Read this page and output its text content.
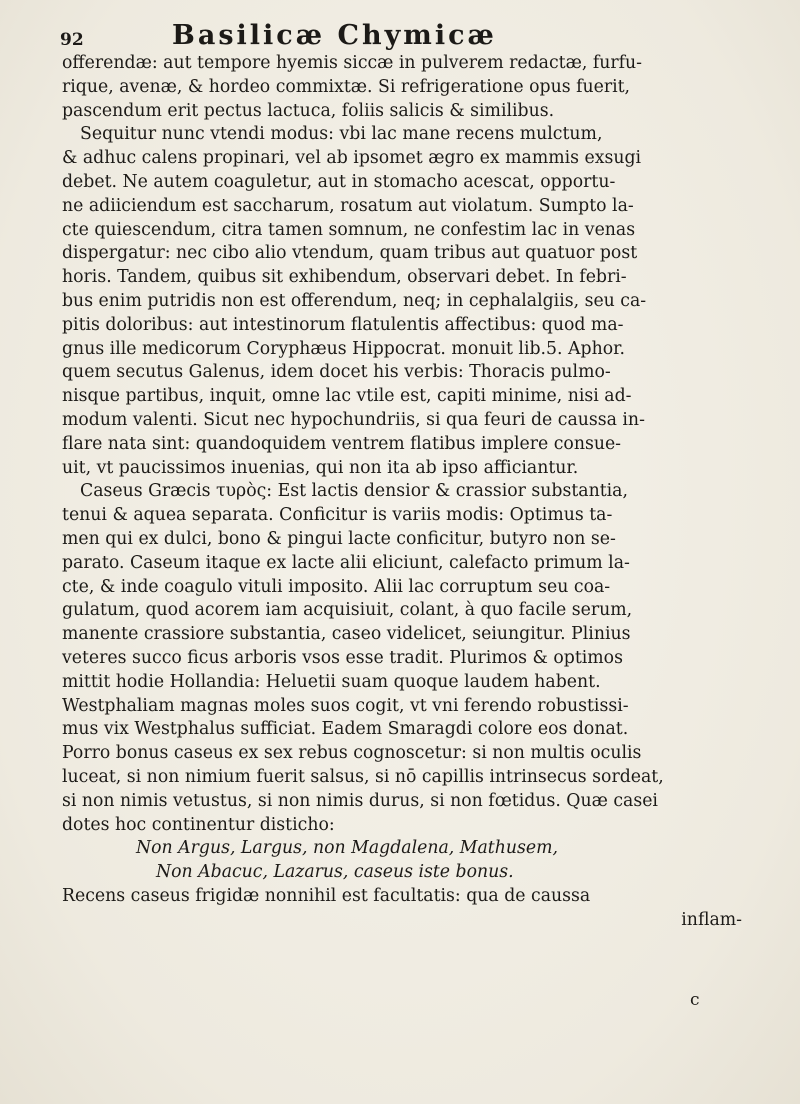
92	Basilicæ Chymicæ
offerendæ: aut tempore hyemis siccæ in pulverem redactæ, furfu-
rique, avenæ, & hordeo commixtæ. Si refrigeratione opus fuerit,
pascendum erit pectus lactuca, foliis salicis & similibus.
Sequitur nunc vtendi modus: vbi lac mane recens mulctum,
& adhuc calens propinari, vel ab ipsomet ægro ex mammis exsugi
debet. Ne autem coaguletur, aut in stomacho acescat, opportu-
ne adiiciendum est saccharum, rosatum aut violatum. Sumpto la-
cte quiescendum, citra tamen somnum, ne confestim lac in venas
dispergatur: nec cibo alio vtendum, quam tribus aut quatuor post
horis. Tandem, quibus sit exhibendum, observari debet. In febri-
bus enim putridis non est offerendum, neq; in cephalalgiis, seu ca-
pitis doloribus: aut intestinorum flatulentis affectibus: quod ma-
gnus ille medicorum Coryphæus Hippocrat. monuit lib.5. Aphor.
quem secutus Galenus, idem docet his verbis: Thoracis pulmo-
nisque partibus, inquit, omne lac vtile est, capiti minime, nisi ad-
modum valenti. Sicut nec hypochundriis, si qua feuri de caussa in-
flare nata sint: quandoquidem ventrem flatibus implere consue-
uit, vt paucissimos inuenias, qui non ita ab ipso afficiantur.
Caseus Græcis τυρὸς: Est lactis densior & crassior substantia,
tenui & aquea separata. Conficitur is variis modis: Optimus ta-
men qui ex dulci, bono & pingui lacte conficitur, butyro non se-
parato. Caseum itaque ex lacte alii eliciunt, calefacto primum la-
cte, & inde coagulo vituli imposito. Alii lac corruptum seu coa-
gulatum, quod acorem iam acquisiuit, colant, à quo facile serum,
manente crassiore substantia, caseo videlicet, seiungitur. Plinius
veteres succo ficus arboris vsos esse tradit. Plurimos & optimos
mittit hodie Hollandia: Heluetii suam quoque laudem habent.
Westphaliam magnas moles suos cogit, vt vni ferendo robustissi-
mus vix Westphalus sufficiat. Eadem Smaragdi colore eos donat.
Porro bonus caseus ex sex rebus cognoscetur: si non multis oculis
luceat, si non nimium fuerit salsus, si nō capillis intrinsecus sordeat,
si non nimis vetustus, si non nimis durus, si non fœtidus. Quæ casei
dotes hoc continentur disticho:
Non Argus, Largus, non Magdalena, Mathusem,
Non Abacuc, Lazarus, caseus iste bonus.
Recens caseus frigidæ nonnihil est facultatis: qua de caussa
inflam-
c
